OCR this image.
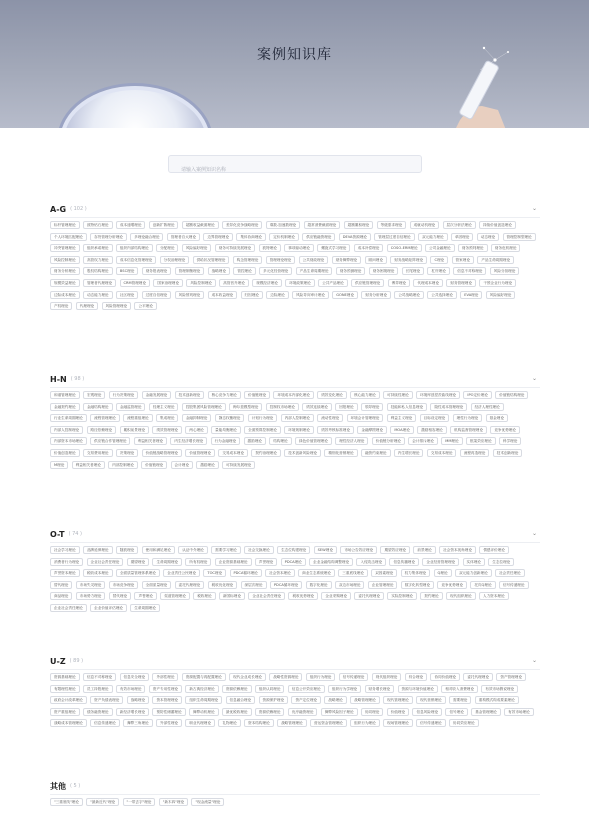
案例知识库
请输入案例知识名称
A-G ( 102 )	⌄
标杆管理理论	波特钻石理论	成本递增理论	创新扩散理论	超额收益截面理论	差异化竞争战略理论	乘数-加速数理论	超常消费截面理论	超额累积理论	等级需求理论	成就动机理论	层次分析法理论	持续价值创造理论
个人环境匹配理论	存货管理分析理论	多理论融合理论	管理者自大理论	边界管理理论	集体协商理论	定价机制理论	供应链融资理论	DEVA资源理论	管理层过度自信理论	双元能力理论	单因理论	动态理论	管理控制型理论
冲突管理理论	组织承诺理论	组织内部结构理论	分配理论	风险偏好理论	财务可持续发展理论	波特理论	事项驱动理论	螺旋式学习理论	成本补偿理论	COSO-ERM理论	公司金融理论	财务预判理论	财务危机理论
风险控制理论	高管权力理论	成本信息化管理理论	分权治理理论	供给状况管理理论	构念管理理论	管理理论理论	公共财政理论	财务舞弊理论	顾问理论	财务战略矩阵理论	C理论	管家理论	产品生命周期理论
财务分析理论	股权结构理论	BSC理论	财务报表理论	管理制衡理论	战略理论	管控理论	多元化经营理论	产品生命周期理论	财务预测理论	财务困境理论	长尾理论	杠杆理论	信息不对称理论	风险分担理论
规模效益理论	管理者代理理论	CRM管理理论	国家治理理论	风险控制理论	高管晋升理论	规模经济理论	环境政策理论	公共产品理论	供应链管理理论	博弈理论	代理成本理论	财务管理理论	干预企业行为理论
边际成本理论	动态能力理论	社区理论	过度自信理论	风险预判理论	成本收益理论	归因理论	边际理论	风险导向审计理论	GONE理论	财务分析理论	公司战略理论	公共选择理论	EVA理论	风险偏好理论
产权理论	代理理论	风险管理理论	公平理论
H-N ( 98 )	⌄
和谐管理理论	宏观理论	行为决策理论	金融发展理论	技术创新理论	核心竞争力理论	价值链理论	环境成本内部化理论	绩效变化理论	核心能力理论	可持续性理论	环境库兹涅茨曲线理论	IPO定价理论	价值链结构理论
金融契约理论	金融结构理论	金融监管理论	经理主义理论	控股集团风险管理理论	梅尔兹模型理论	控制权市场理论	绩效连续理论	回报理论	领导理论	技能和私人信息理论	隐性成本管理理论	经济人理性理论
行业生命周期理论	流程管理理论	流程重组理论	集成理论	金融抑制理论	静态权衡理论	计划行为理论	内部人控制理论	流动性理论	环境会计管理理论	利益主义理论	目标设定理论	理性行为理论	基金理论
内部人控制理论	路径依赖理论	累积前景理论	绩效管理理论	两心理论	量能均衡理论	全面预算控制理论	环境规制理论	绩效考核标准理论	金融摩擦理论	MOA理论	激励相容理论	机构监督管理理论	竞争优势理论
内部资本市场理论	供应链合作管理理论	利益相关者理论	内生经济增长理论	行为金融理论	激励理论	结构理论	绿色价值管理理论	理性经济人理论	价值链分析理论	会计排斥理论	MM理论	框架效应理论	科学理论
价值创造理论	交易费用理论	决策理论	价值链战略管理理论	价值管理理论	交易成本理论	契约治理理论	技术创新风险理论	精细化营销理论	融资约束理论	内生增长理论	交易成本理论	流程再造理论	技术创新理论
M理论	利益相关者理论	内部控制理论	价值链理论	会计理论	激励理论	可持续发展理论
O-T ( 74 )	⌄
社会学习理论	品牌延伸理论	随波理论	使用和满足理论	认证中介理论	需要学习理论	社会交换理论	生态位构建理论	SEW理论	市场公告效应理论	期望效应理论	前景理论	社会资本视角理论	情感评价理论
消费者行为理论	企业社会责任理论	期望理论	生命周期理论	所有权理论	企业资源基础理论	声誉理论	PDCA理论	企业金融结构调整理论	入侵攻击理论	信息传播理论	企业经营管理理论	实体理论	生态位理论
声誉资本理论	税收成本理论	全面质量管理体系理论	企业责任公民理论	TOC理论	PDCA循环理论	社会资本理论	商业生态系统理论	三重底线理论	双因素理论	权力集体理论	Q理论	双元能力创新理论	社会责任理论
替代理论	市场失灵理论	市场竞争理论	全面质量理论	委托代理理论	税收优化理论	深层次理论	PDCA循环理论	数字化理论	双边市场理论	企业管理理论	数字化转型理论	竞争优势理论	托宾Q理论	信号传递理论
商品理论	市场势力理论	替代理论	声誉理论	渠道管理理论	税收理论	新国标理论	企业社会责任理论	税收优势理论	企业采购理论	委托代理理论	实际控制理论	契约理论	现代组织理论	人力资本理论
企业社会责任理论	企业价值评估理论	生命周期理论
U-Z ( 89 )	⌄
资源基础理论	信息不对称理论	信息安全理论	外部性理论	资源配置与再配置理论	现代企业成长理论	战略性资源理论	组织行为理论	信号传递理论	现代组织理论	综合理论	协同价值理论	委托代理理论	资产管理理论
有限理性理论	员工持股理论	有效市场理论	资产专用性理论	新古典经济理论	资源依赖理论	组织认同理论	信息公开效应理论	组织行为学理论	财务增长理论	资源与环境价值理论	相对收入消费理论	有效市场假说理论
政府会计改革理论	资产负债表理论	战略理论	资本管理理论	组织生命周期理论	信息融合理论	资源保护理论	资产定位理论	战略理论	战略管理理论	现代管理理论	现代营销理论	需要理论	重构模式构成要素理论
资产重组理论	债务融资理论	新经济增长理论	预防性储蓄理论	舞弊动机理论	最优税收理论	资源依赖理论	优序融资理论	舞弊风险因子理论	协同理论	价值理论	信息风险理论	信号理论	基金管理理论	有效市场理论
战略成本管理理论	信息传递理论	舞弊三角理论	外部性理论	职业代理理论	礼物理论	资本结构理论	战略管理理论	营运资金管理理论	组织行为理论	现场管理理论	信号传递理论	协同效应理论
其他 ( 5 )
"三重底线"理论	"最新近代"理论	"一带去字"理论	"新木四"理论	"现金流量"理论
